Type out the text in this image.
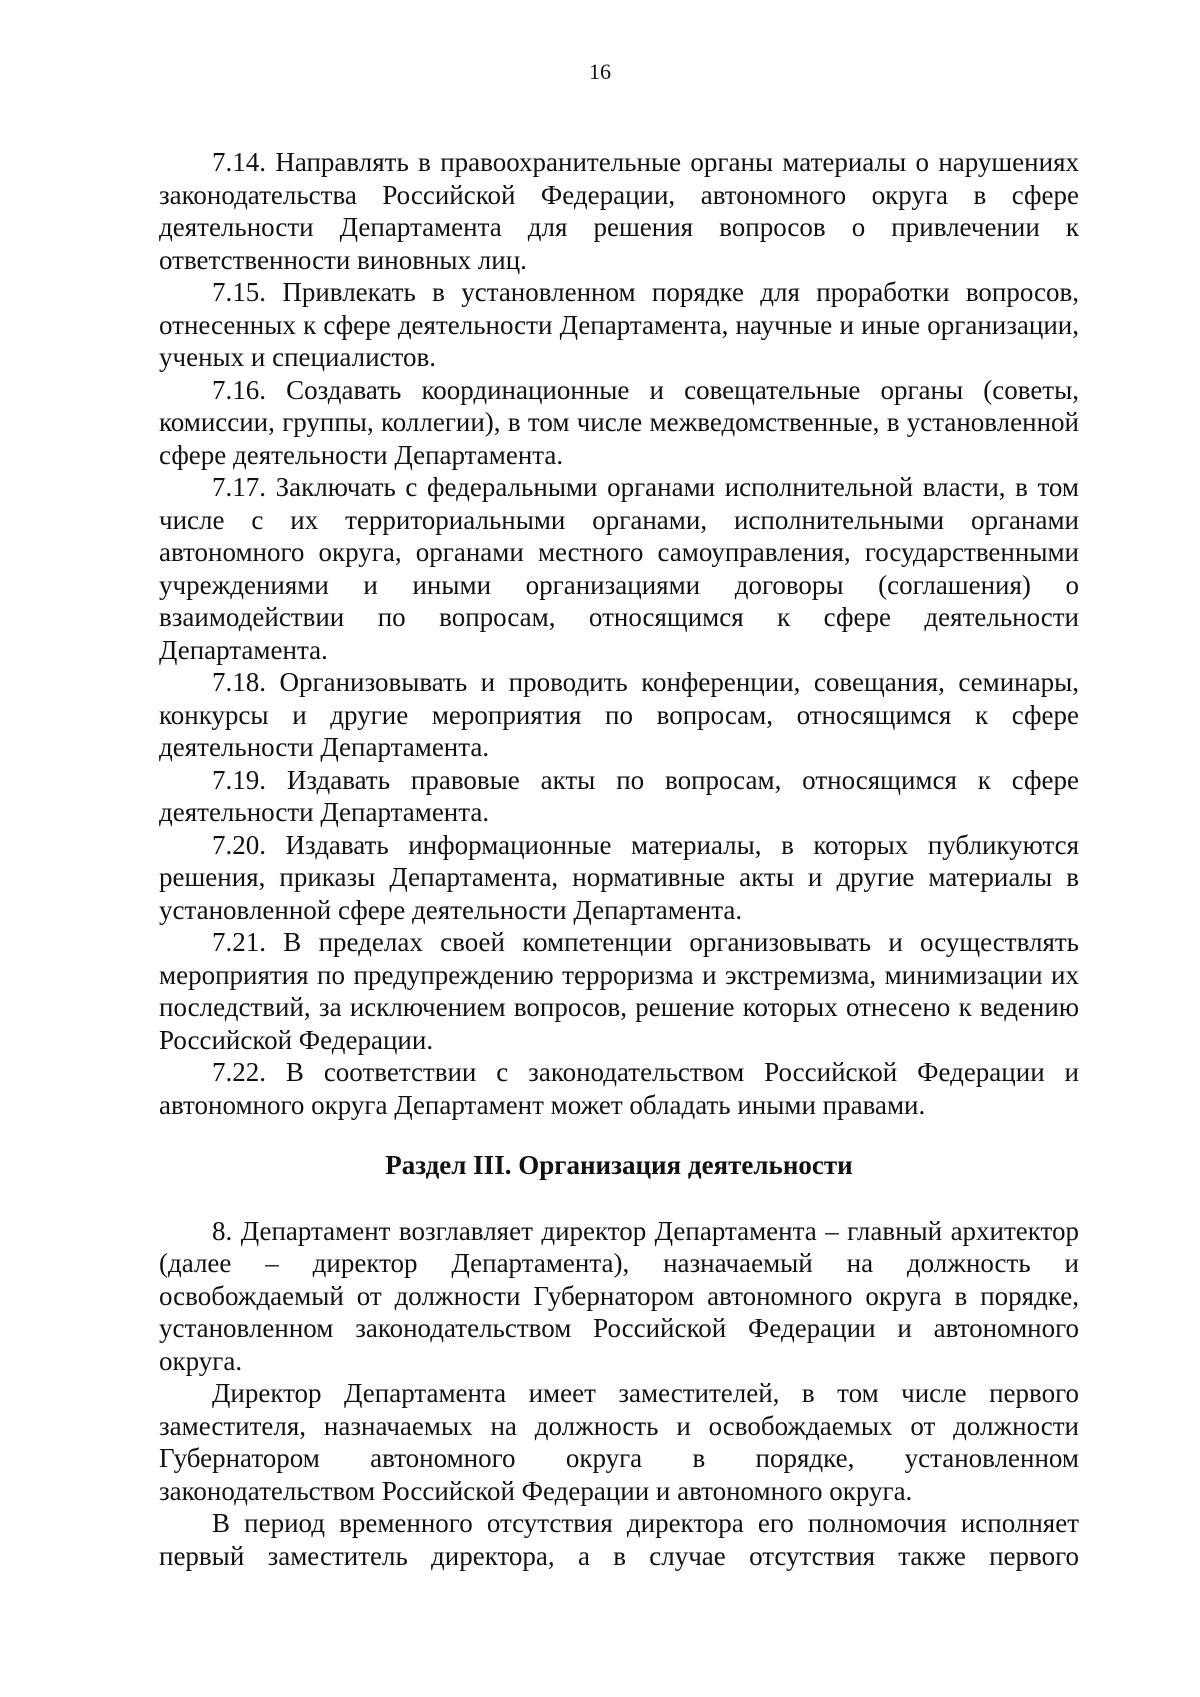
16

7.14. Направлять в правоохранительные органы материалы о нарушениях законодательства Российской Федерации, автономного округа в сфере деятельности Департамента для решения вопросов о привлечении к ответственности виновных лиц.

7.15. Привлекать в установленном порядке для проработки вопросов, отнесенных к сфере деятельности Департамента, научные и иные организации, ученых и специалистов.

7.16. Создавать координационные и совещательные органы (советы, комиссии, группы, коллегии), в том числе межведомственные, в установленной сфере деятельности Департамента.

7.17. Заключать с федеральными органами исполнительной власти, в том числе с их территориальными органами, исполнительными органами автономного округа, органами местного самоуправления, государственными учреждениями и иными организациями договоры (соглашения) о взаимодействии по вопросам, относящимся к сфере деятельности Департамента.

7.18. Организовывать и проводить конференции, совещания, семинары, конкурсы и другие мероприятия по вопросам, относящимся к сфере деятельности Департамента.

7.19. Издавать правовые акты по вопросам, относящимся к сфере деятельности Департамента.

7.20. Издавать информационные материалы, в которых публикуются решения, приказы Департамента, нормативные акты и другие материалы в установленной сфере деятельности Департамента.

7.21. В пределах своей компетенции организовывать и осуществлять мероприятия по предупреждению терроризма и экстремизма, минимизации их последствий, за исключением вопросов, решение которых отнесено к ведению Российской Федерации.

7.22. В соответствии с законодательством Российской Федерации и автономного округа Департамент может обладать иными правами.

Раздел III. Организация деятельности

8. Департамент возглавляет директор Департамента – главный архитектор (далее – директор Департамента), назначаемый на должность и освобождаемый от должности Губернатором автономного округа в порядке, установленном законодательством Российской Федерации и автономного округа.

Директор Департамента имеет заместителей, в том числе первого заместителя, назначаемых на должность и освобождаемых от должности Губернатором автономного округа в порядке, установленном законодательством Российской Федерации и автономного округа.

В период временного отсутствия директора его полномочия исполняет первый заместитель директора, а в случае отсутствия также первого
